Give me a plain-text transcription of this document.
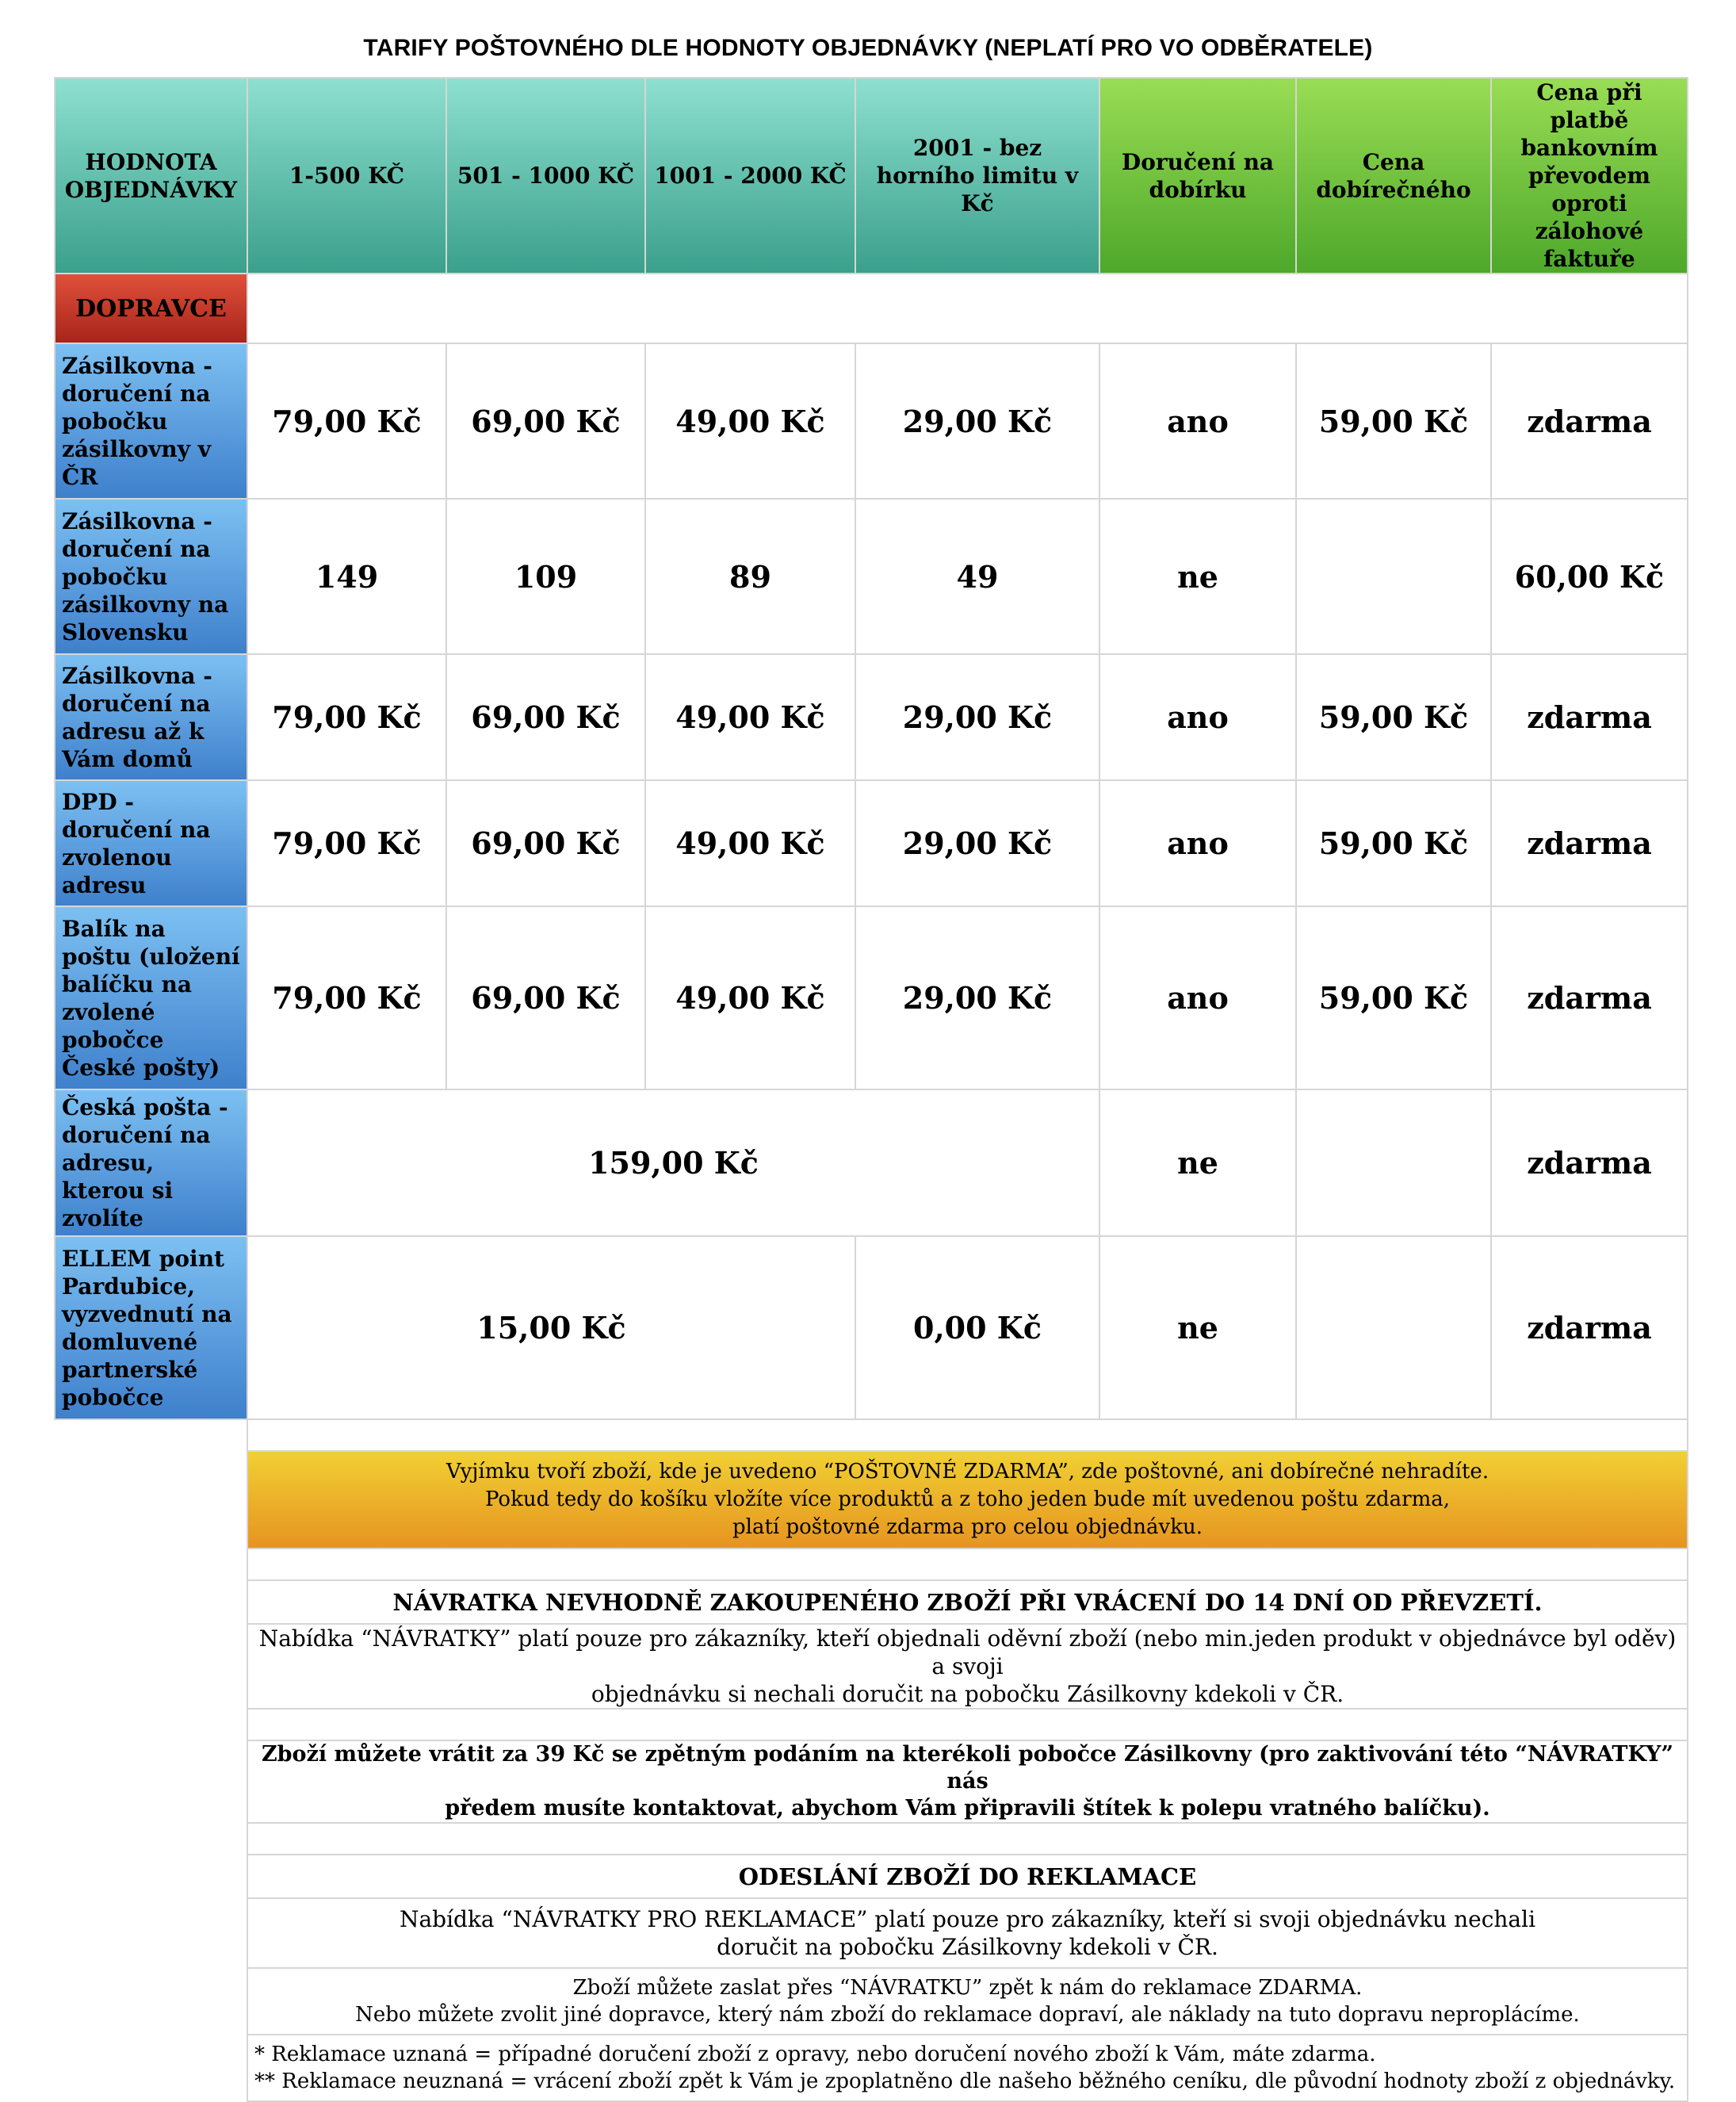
TARIFY POŠTOVNÉHO DLE HODNOTY OBJEDNÁVKY (NEPLATÍ PRO VO ODBĚRATELE)
HODNOTA OBJEDNÁVKY	1-500 KČ	501 - 1000 KČ	1001 - 2000 KČ	2001 - bez horního limitu v Kč	Doručení na dobírku	Cena dobírečného	Cena při platbě bankovním převodem oproti zálohové faktuře
DOPRAVCE							
Zásilkovna - doručení na pobočku zásilkovny v ČR	79,00 Kč	69,00 Kč	49,00 Kč	29,00 Kč	ano	59,00 Kč	zdarma
Zásilkovna - doručení na pobočku zásilkovny na Slovensku	149	109	89	49	ne		60,00 Kč
Zásilkovna - doručení na adresu až k Vám domů	79,00 Kč	69,00 Kč	49,00 Kč	29,00 Kč	ano	59,00 Kč	zdarma
DPD - doručení na zvolenou adresu	79,00 Kč	69,00 Kč	49,00 Kč	29,00 Kč	ano	59,00 Kč	zdarma
Balík na poštu (uložení balíčku na zvolené pobočce České pošty)	79,00 Kč	69,00 Kč	49,00 Kč	29,00 Kč	ano	59,00 Kč	zdarma
Česká pošta - doručení na adresu, kterou si zvolíte	159,00 Kč				ne		zdarma
ELLEM point Pardubice, vyzvednutí na domluvené partnerské pobočce	15,00 Kč			0,00 Kč	ne		zdarma

	Vyjímku tvoří zboží, kde je uvedeno “POŠTOVNÉ ZDARMA”, zde poštovné, ani dobírečné nehradíte.
Pokud tedy do košíku vložíte více produktů a z toho jeden bude mít uvedenou poštu zdarma,
platí poštovné zdarma pro celou objednávku.						

	NÁVRATKA NEVHODNĚ ZAKOUPENÉHO ZBOŽÍ PŘI VRÁCENÍ DO 14 DNÍ OD PŘEVZETÍ.						

	Nabídka “NÁVRATKY” platí pouze pro zákazníky, kteří objednali oděvní zboží (nebo min.jeden produkt v objednávce byl oděv) a svoji
objednávku si nechali doručit na pobočku Zásilkovny kdekoli v ČR.						

	Zboží můžete vrátit za 39 Kč se zpětným podáním na kterékoli pobočce Zásilkovny (pro zaktivování této “NÁVRATKY” nás
předem musíte kontaktovat, abychom Vám připravili štítek k polepu vratného balíčku).						

	ODESLÁNÍ ZBOŽÍ DO REKLAMACE						

	Nabídka “NÁVRATKY PRO REKLAMACE” platí pouze pro zákazníky, kteří si svoji objednávku nechali
doručit na pobočku Zásilkovny kdekoli v ČR.						

	Zboží můžete zaslat přes “NÁVRATKU” zpět k nám do reklamace ZDARMA.
Nebo můžete zvolit jiné dopravce, který nám zboží do reklamace dopraví, ale náklady na tuto dopravu neproplácíme.						

	* Reklamace uznaná = případné doručení zboží z opravy, nebo doručení nového zboží k Vám, máte zdarma.
** Reklamace neuznaná = vrácení zboží zpět k Vám je zpoplatněno dle našeho běžného ceníku, dle původní hodnoty zboží z objednávky.						
